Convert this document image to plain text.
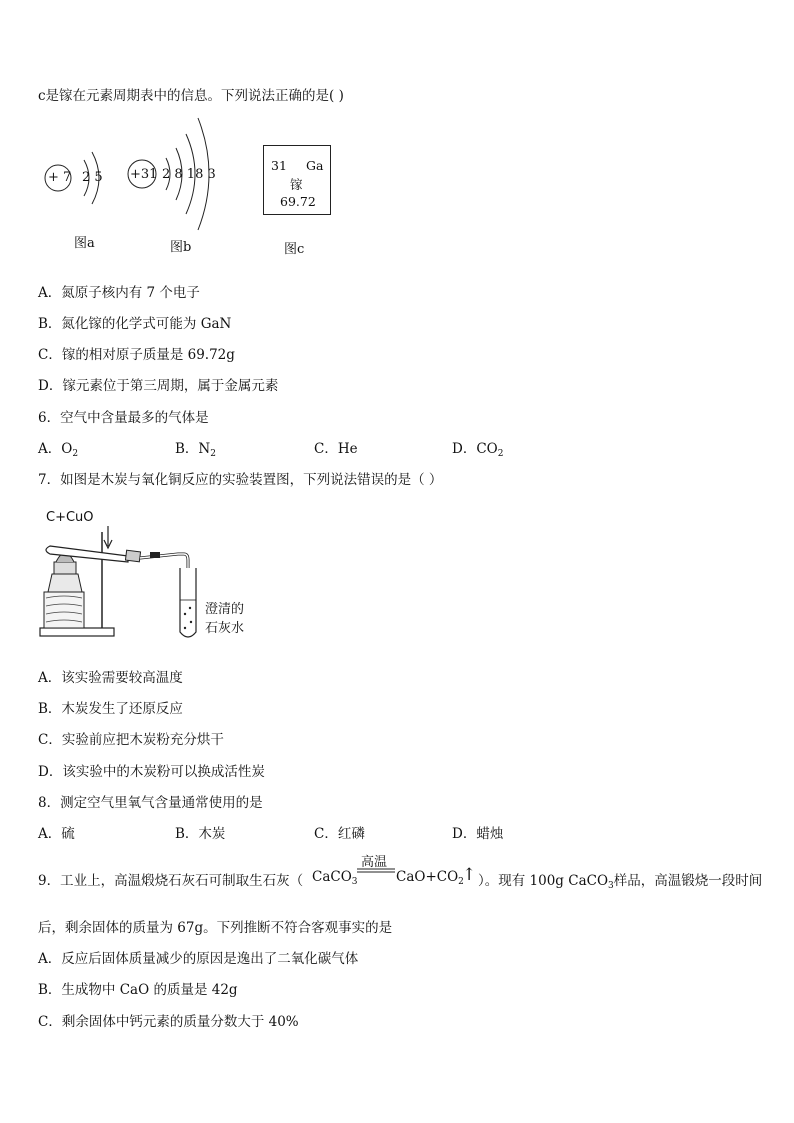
c是镓在元素周期表中的信息。下列说法正确的是( )
+ 7 2 5
图a
+31 2 8 18 3
图b
31 Ga
镓
69.72
图c
A．氮原子核内有 7 个电子
B．氮化镓的化学式可能为 GaN
C．镓的相对原子质量是 69.72g
D．镓元素位于第三周期，属于金属元素
6．空气中含量最多的气体是
A．$O_2$	B．$N_2$	C．He	D．$CO_2$
7．如图是木炭与氧化铜反应的实验装置图，下列说法错误的是（ ）
C+CuO
澄清的
石灰水
A．该实验需要较高温度
B．木炭发生了还原反应
C．实验前应把木炭粉充分烘干
D．该实验中的木炭粉可以换成活性炭
8．测定空气里氧气含量通常使用的是
A．硫	B．木炭	C．红磷	D．蜡烛
9．工业上，高温煅烧石灰石可制取生石灰（ CaCO$_3$
高温
$CaO+CO_2$
↑ ）。现有 100g CaCO$_3$样品，高温锻烧一段时间
后，剩余固体的质量为 67g。下列推断不符合客观事实的是
A．反应后固体质量减少的原因是逸出了二氧化碳气体
B．生成物中 CaO 的质量是 42g
C．剩余固体中钙元素的质量分数大于 40%
